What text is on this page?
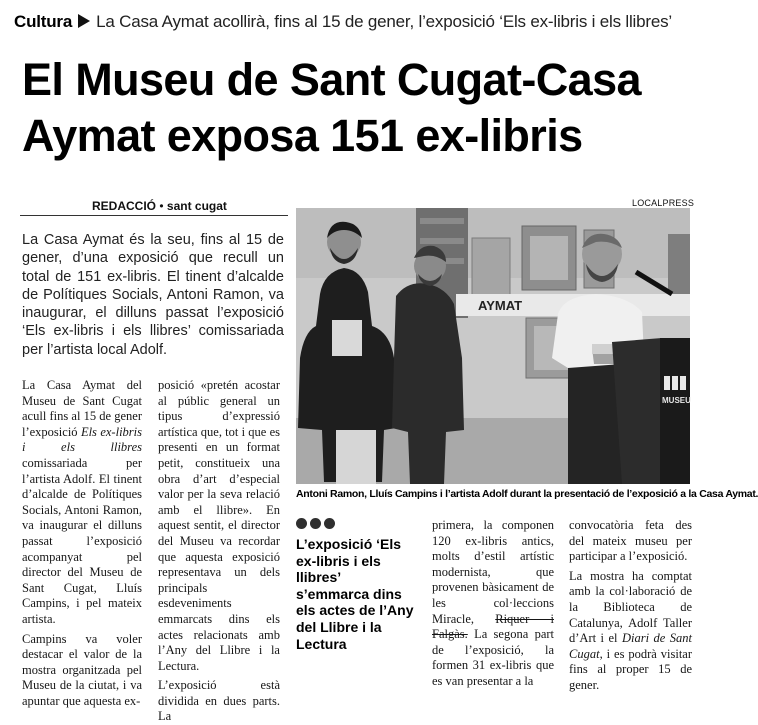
Cultura La Casa Aymat acollirà, fins al 15 de gener, l’exposició ‘Els ex-libris i els llibres’
El Museu de Sant Cugat-Casa
Aymat exposa 151 ex-libris
REDACCIÓ • sant cugat
La Casa Aymat és la seu, fins al 15 de gener, d’una exposició que recull un total de 151 ex-libris. El tinent d’alcalde de Polítiques Socials, Antoni Ramon, va inaugurar, el dilluns passat l’exposició ‘Els ex-libris i els llibres’ comissariada per l’artista local Adolf.
LOCALPRESS
AYMAT
MUSEU
Antoni Ramon, Lluís Campins i l’artista Adolf durant la presentació de l’exposició a la Casa Aymat.

La Casa Aymat del Museu de Sant Cugat acull fins al 15 de gener l’exposició Els ex-libris i els llibres comissariada per l’artista Adolf. El tinent d’alcalde de Polítiques Socials, Antoni Ramon, va inaugurar el dilluns passat l’exposició acompanyat pel director del Museu de Sant Cugat, Lluís Campins, i pel mateix artista.

Campins va voler destacar el valor de la mostra organitzada pel Museu de la ciutat, i va apuntar que aquesta ex-

posició «pretén acostar al públic general un tipus d’expressió artística que, tot i que es presenti en un format petit, constitueix una obra d’art d’especial valor per la seva relació amb el llibre». En aquest sentit, el director del Museu va recordar que aquesta exposició representava un dels principals esdeveniments emmarcats dins els actes relacionats amb l’Any del Llibre i la Lectura.

L’exposició està dividida en dues parts. La

L’exposició ‘Els ex-libris i els llibres’ s’emmarca dins els actes de l’Any del Llibre i la Lectura

primera, la componen 120 ex-libris antics, molts d’estil artístic modernista, que provenen bàsicament de les col·leccions Miracle, Riquer i Falgàs. La segona part de l’exposició, la formen 31 ex-libris que es van presentar a la

convocatòria feta des del mateix museu per participar a l’exposició.

La mostra ha comptat amb la col·laboració de la Biblioteca de Catalunya, Adolf Taller d’Art i el Diari de Sant Cugat, i es podrà visitar fins al proper 15 de gener.
